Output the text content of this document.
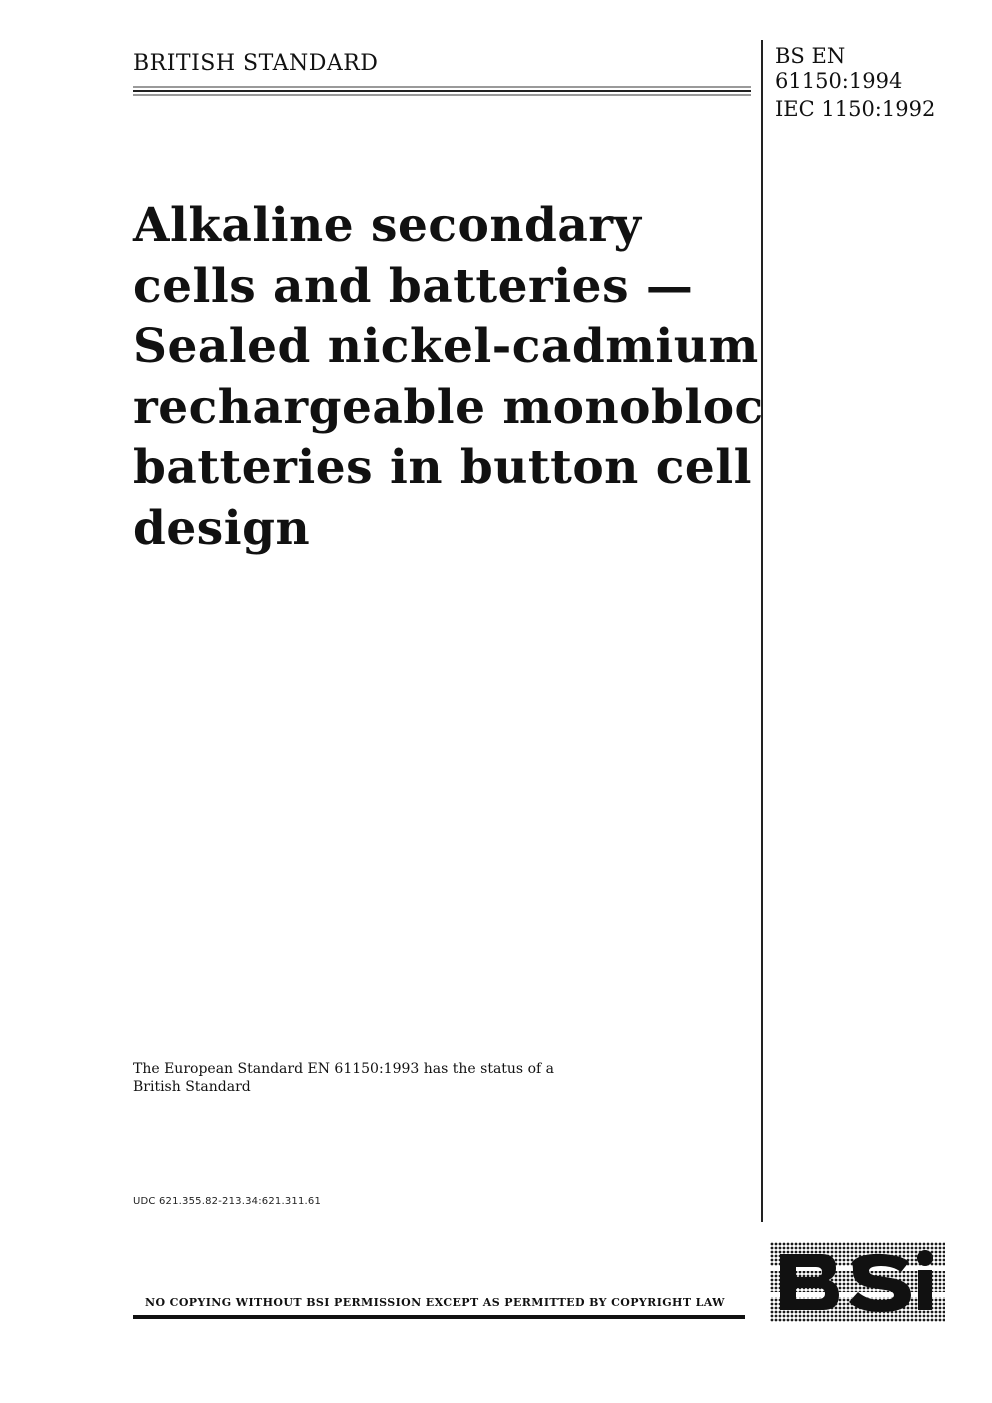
BRITISH STANDARD	BS EN
61150:1994
IEC 1150:1992
Alkaline secondary
cells and batteries —
Sealed nickel-cadmium
rechargeable monobloc
batteries in button cell
design
The European Standard EN 61150:1993 has the status of a
British Standard
UDC 621.355.82-213.34:621.311.61
NO COPYING WITHOUT BSI PERMISSION EXCEPT AS PERMITTED BY COPYRIGHT LAW
